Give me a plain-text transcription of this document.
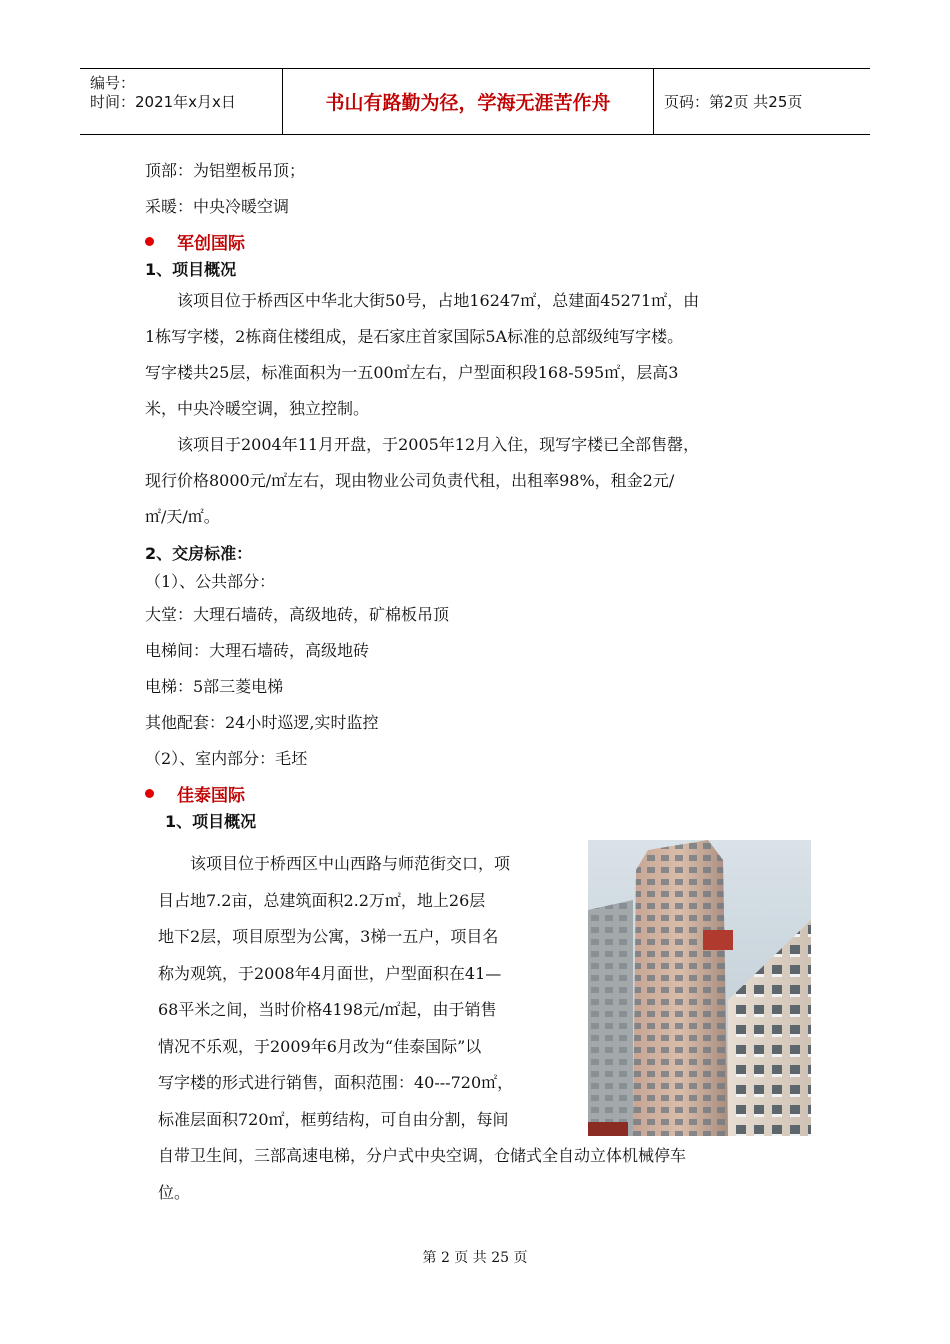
编号：
时间：2021年x月x日	书山有路勤为径，学海无涯苦作舟	页码：第2页 共25页

顶部：为铝塑板吊顶；

采暖：中央冷暖空调

军创国际

1、项目概况

该项目位于桥西区中华北大街50号，占地16247㎡，总建面45271㎡，由

1栋写字楼，2栋商住楼组成，是石家庄首家国际5A标准的总部级纯写字楼。

写字楼共25层，标准面积为一五00㎡左右，户型面积段168-595㎡，层高3

米，中央冷暖空调，独立控制。

该项目于2004年11月开盘，于2005年12月入住，现写字楼已全部售罄，

现行价格8000元/㎡左右，现由物业公司负责代租，出租率98%，租金2元/

㎡/天/㎡。

2、交房标准：

（1）、公共部分：

大堂：大理石墙砖，高级地砖，矿棉板吊顶

电梯间：大理石墙砖，高级地砖

电梯：5部三菱电梯

其他配套：24小时巡逻,实时监控

（2）、室内部分：毛坯

佳泰国际

1、项目概况

该项目位于桥西区中山西路与师范街交口，项

目占地7.2亩，总建筑面积2.2万㎡，地上26层

地下2层，项目原型为公寓，3梯一五户，项目名

称为观筑，于2008年4月面世，户型面积在41—

68平米之间，当时价格4198元/㎡起，由于销售

情况不乐观，于2009年6月改为“佳泰国际”以

写字楼的形式进行销售，面积范围：40---720㎡，

标准层面积720㎡，框剪结构，可自由分割，每间

自带卫生间，三部高速电梯，分户式中央空调，仓储式全自动立体机械停车

位。

第 2 页 共 25 页
